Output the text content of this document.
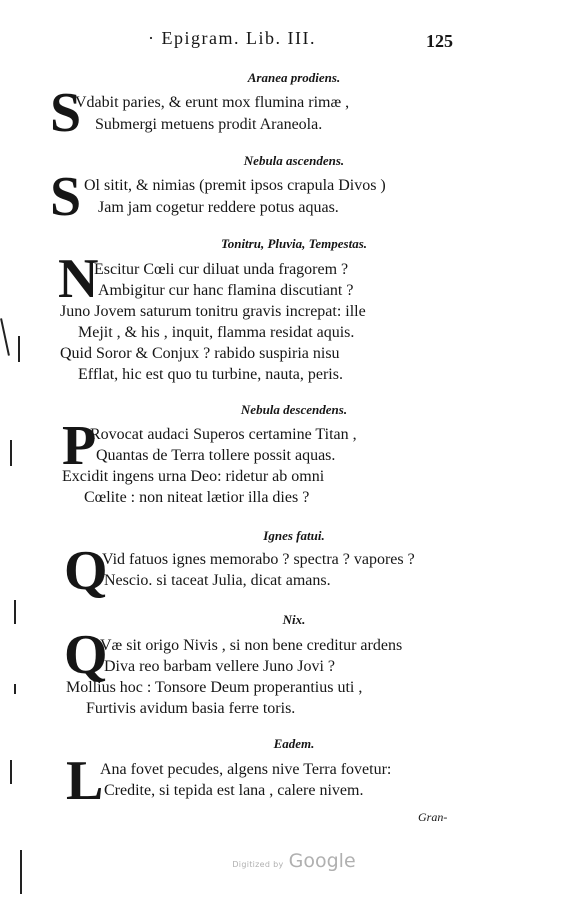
· Epigram. Lib. III.	125
Aranea prodiens.
S
Vdabit paries, & erunt mox flumina rimæ ,
Submergi metuens prodit Araneola.
Nebula ascendens.
S Ol sitit, & nimias (premit ipsos crapula Divos )
Jam jam cogetur reddere potus aquas.
Tonitru, Pluvia, Tempestas.
N
Escitur Cœli cur diluat unda fragorem ?
Ambigitur cur hanc flamina discutiant ?
Juno Jovem saturum tonitru gravis increpat: ille
Mejit , & his , inquit, flamma residat aquis.
Quid Soror & Conjux ? rabido suspiria nisu
Efflat, hic est quo tu turbine, nauta, peris.
Nebula descendens.
P
Rovocat audaci Superos certamine Titan ,
Quantas de Terra tollere possit aquas.
Excidit ingens urna Deo: ridetur ab omni
Cœlite : non niteat lætior illa dies ?
Ignes fatui.
Q
Vid fatuos ignes memorabo ? spectra ? vapores ?
Nescio. si taceat Julia, dicat amans.
Nix.
Q
Væ sit origo Nivis , si non bene creditur ardens
Diva reo barbam vellere Juno Jovi ?
Mollius hoc : Tonsore Deum properantius uti ,
Furtivis avidum basia ferre toris.
Eadem.
L
Ana fovet pecudes, algens nive Terra fovetur:
Credite, si tepida est lana , calere nivem.
Gran-
Digitized by Google
